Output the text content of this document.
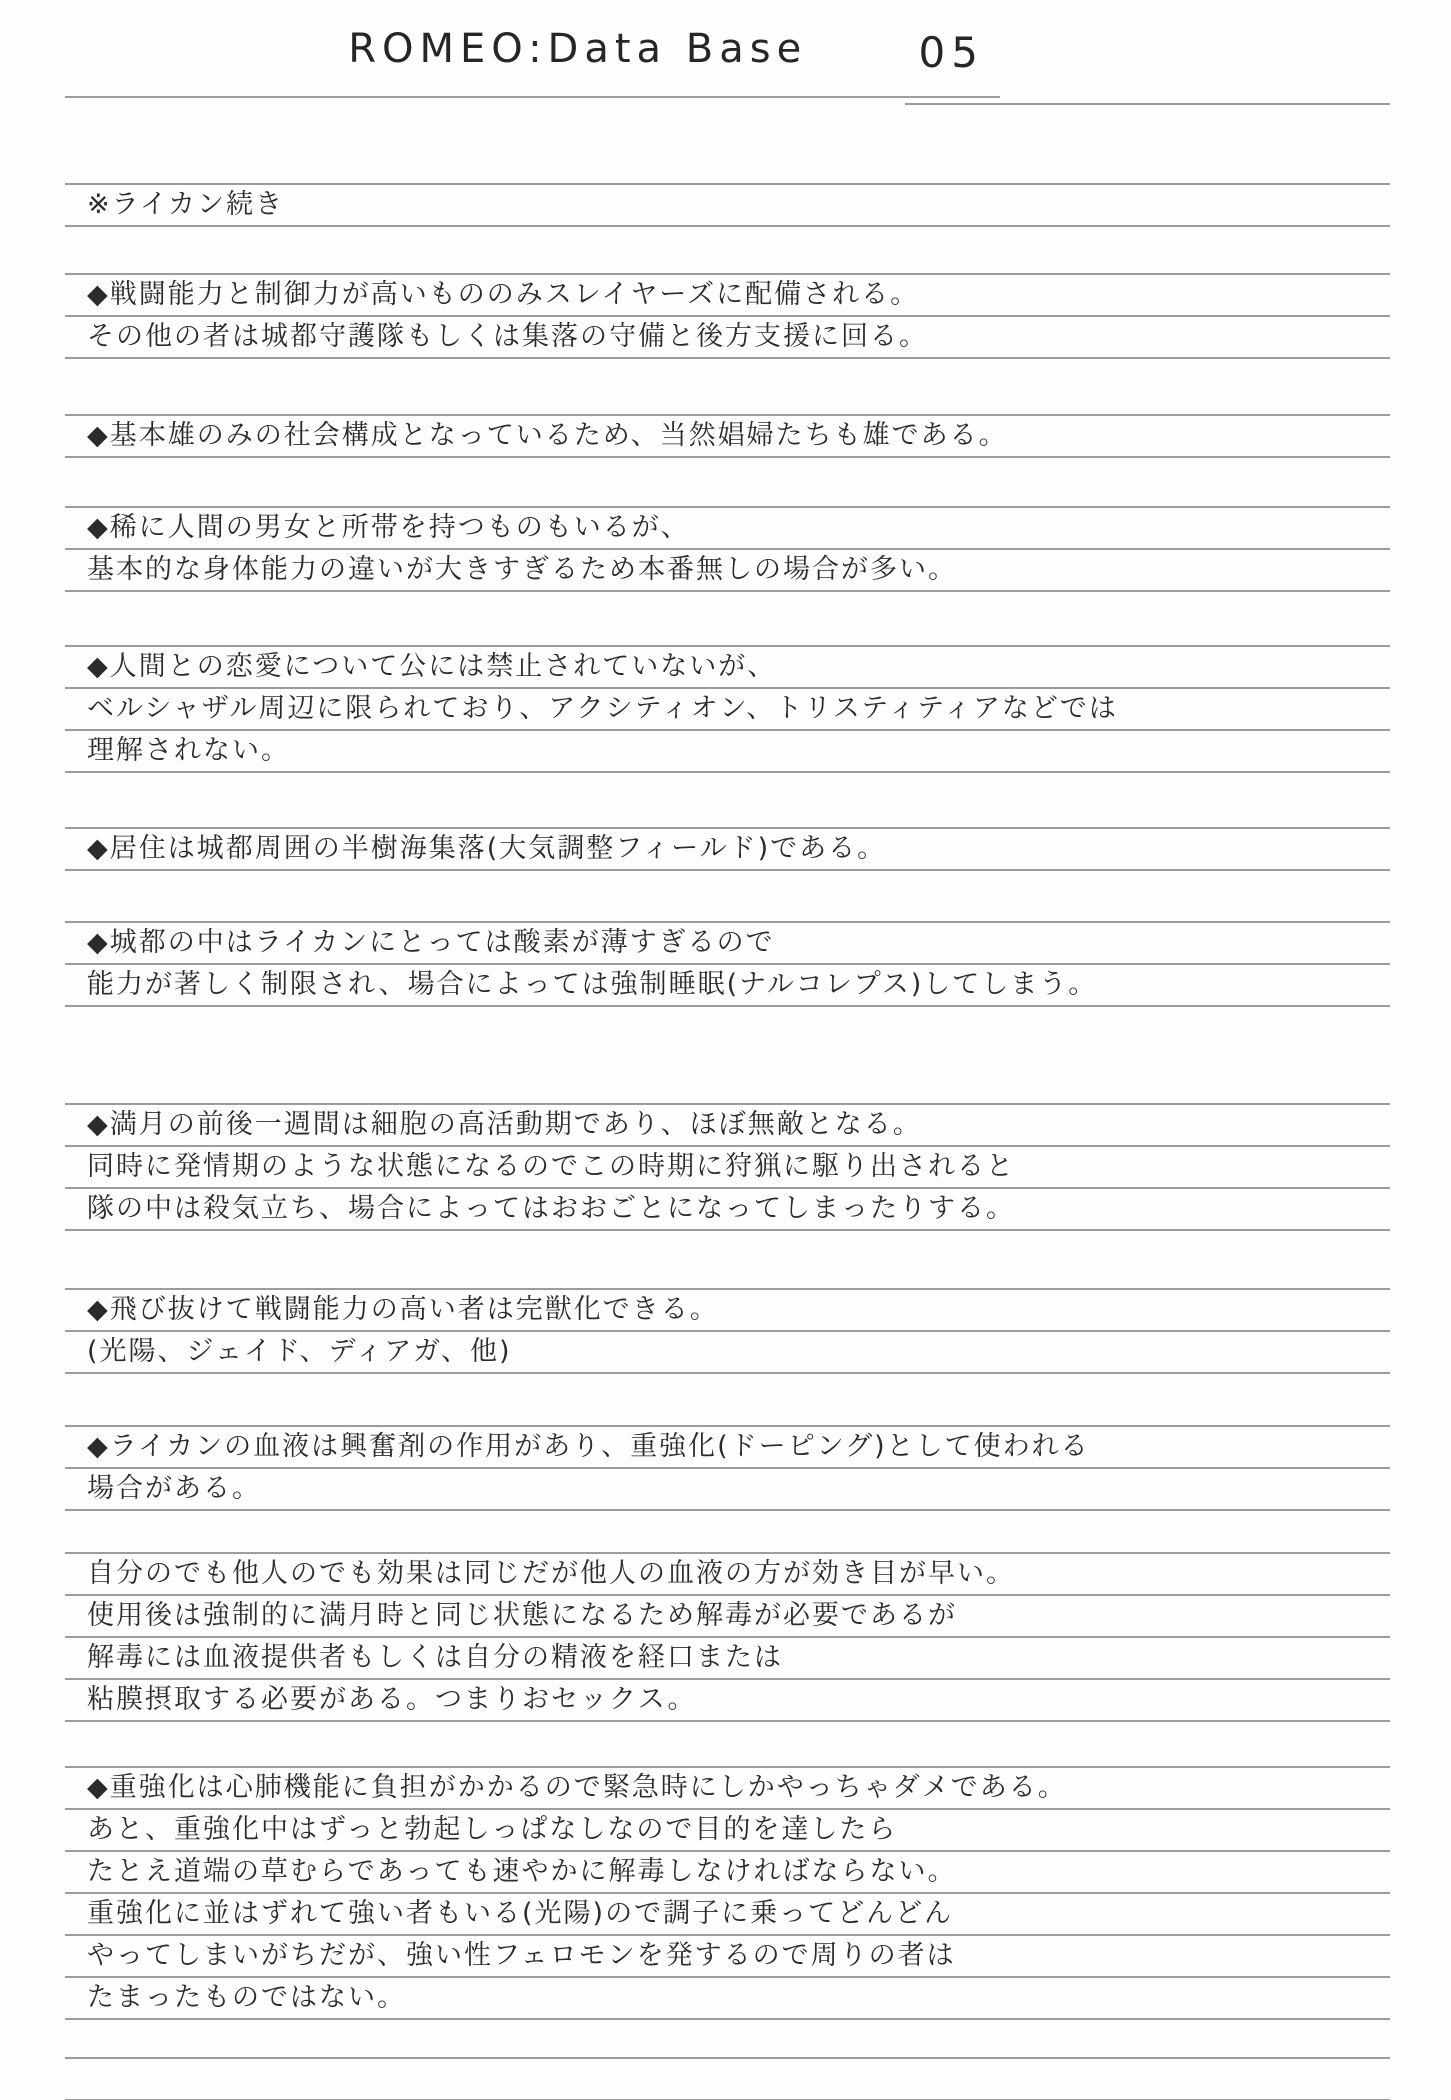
ROMEO:Data Base	05
※ライカン続き
◆戦闘能力と制御力が高いもののみスレイヤーズに配備される。
その他の者は城都守護隊もしくは集落の守備と後方支援に回る。
◆基本雄のみの社会構成となっているため、当然娼婦たちも雄である。
◆稀に人間の男女と所帯を持つものもいるが、
基本的な身体能力の違いが大きすぎるため本番無しの場合が多い。
◆人間との恋愛について公には禁止されていないが、
ベルシャザル周辺に限られており、アクシティオン、トリスティティアなどでは
理解されない。
◆居住は城都周囲の半樹海集落(大気調整フィールド)である。
◆城都の中はライカンにとっては酸素が薄すぎるので
能力が著しく制限され、場合によっては強制睡眠(ナルコレプス)してしまう。
◆満月の前後一週間は細胞の高活動期であり、ほぼ無敵となる。
同時に発情期のような状態になるのでこの時期に狩猟に駆り出されると
隊の中は殺気立ち、場合によってはおおごとになってしまったりする。
◆飛び抜けて戦闘能力の高い者は完獣化できる。
(光陽、ジェイド、ディアガ、他)
◆ライカンの血液は興奮剤の作用があり、重強化(ドーピング)として使われる
場合がある。
自分のでも他人のでも効果は同じだが他人の血液の方が効き目が早い。
使用後は強制的に満月時と同じ状態になるため解毒が必要であるが
解毒には血液提供者もしくは自分の精液を経口または
粘膜摂取する必要がある。つまりおセックス。
◆重強化は心肺機能に負担がかかるので緊急時にしかやっちゃダメである。
あと、重強化中はずっと勃起しっぱなしなので目的を達したら
たとえ道端の草むらであっても速やかに解毒しなければならない。
重強化に並はずれて強い者もいる(光陽)ので調子に乗ってどんどん
やってしまいがちだが、強い性フェロモンを発するので周りの者は
たまったものではない。
